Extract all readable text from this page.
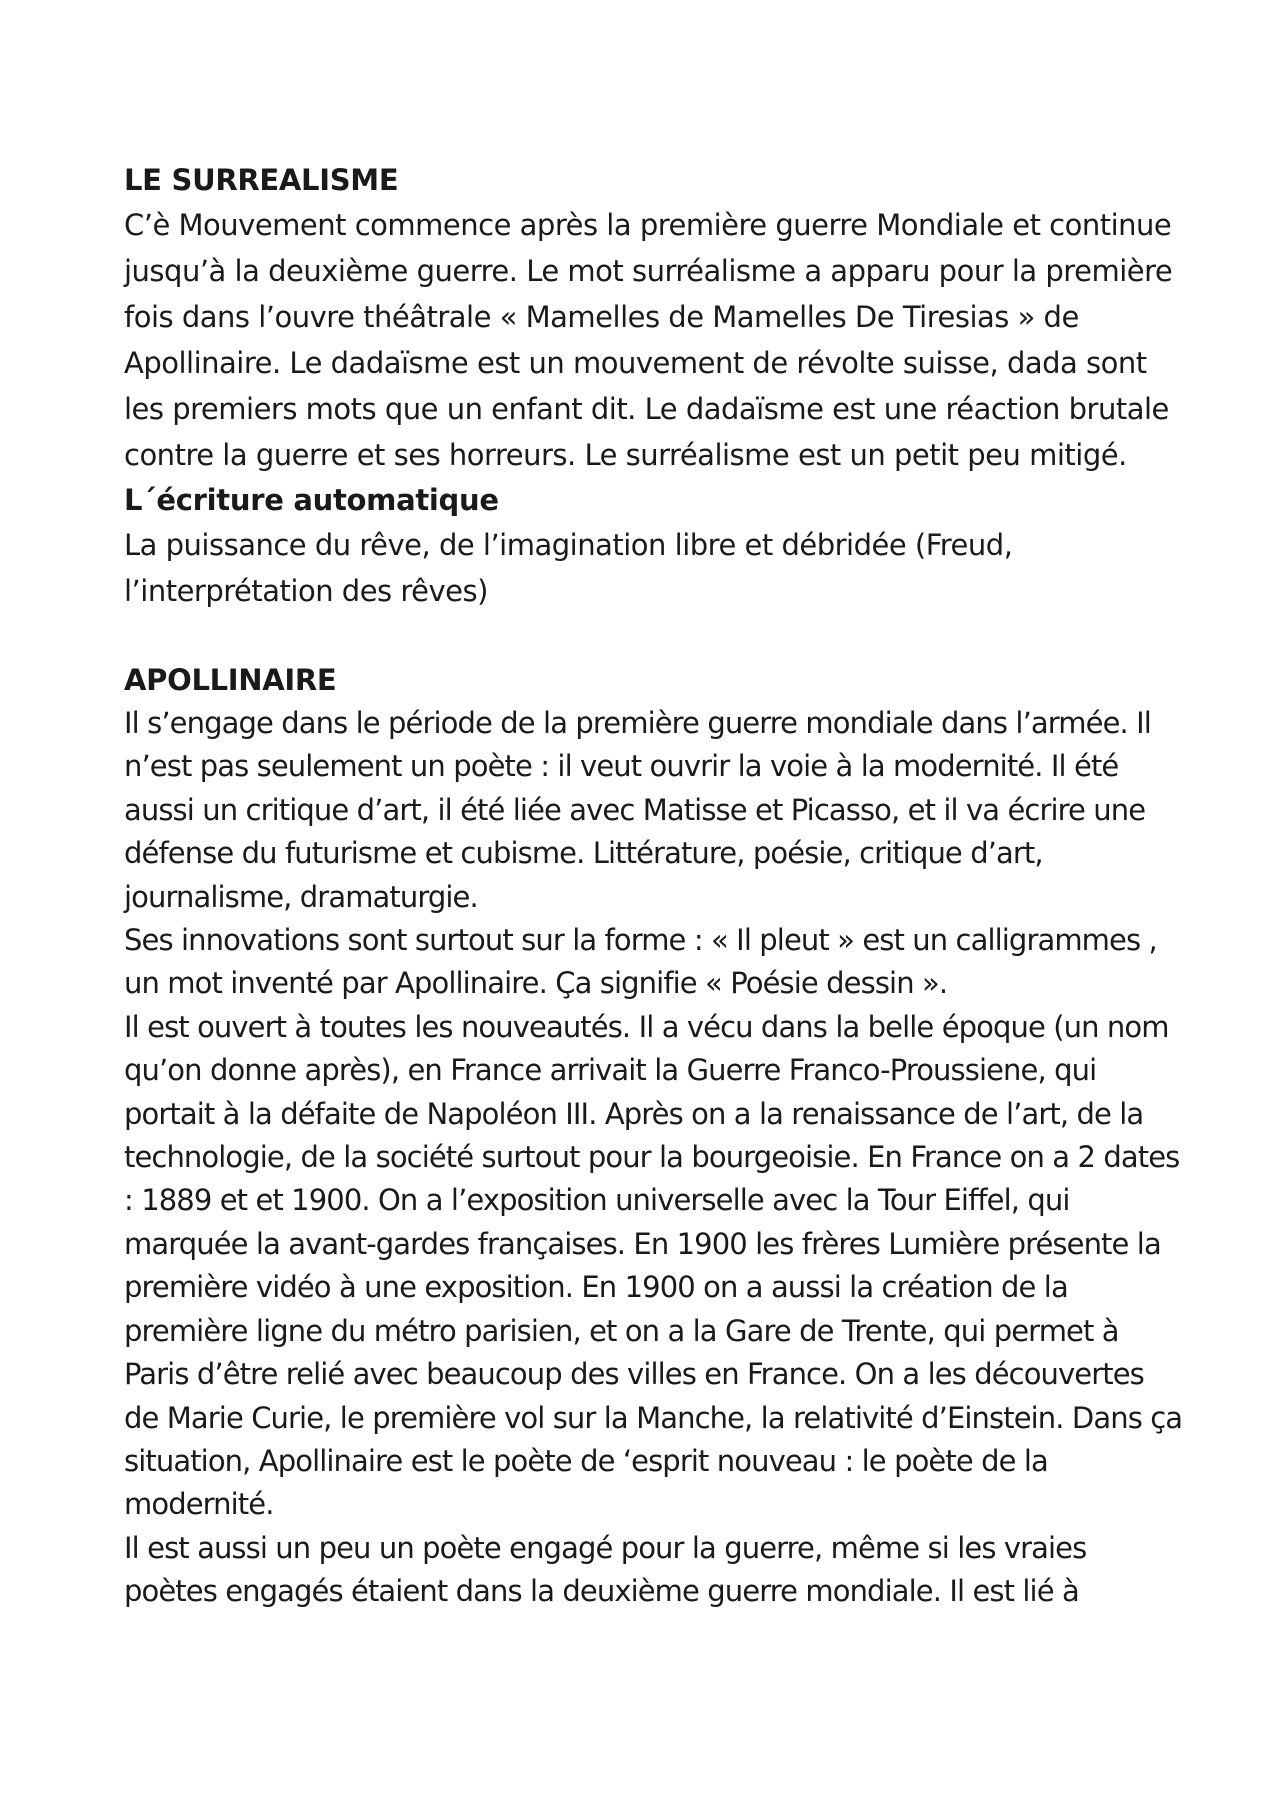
LE SURREALISME

C’è Mouvement commence après la première guerre Mondiale et continue jusqu’à la deuxième guerre. Le mot surréalisme a apparu pour la première fois dans l’ouvre théâtrale « Mamelles de Mamelles De Tiresias » de Apollinaire. Le dadaïsme est un mouvement de révolte suisse, dada sont les premiers mots que un enfant dit. Le dadaïsme est une réaction brutale contre la guerre et ses horreurs. Le surréalisme est un petit peu mitigé.

L´écriture automatique

La puissance du rêve, de l’imagination libre et débridée (Freud, l’interprétation des rêves)

APOLLINAIRE

Il s’engage dans le période de la première guerre mondiale dans l’armée. Il n’est pas seulement un poète : il veut ouvrir la voie à la modernité. Il été aussi un critique d’art, il été liée avec Matisse et Picasso, et il va écrire une défense du futurisme et cubisme. Littérature, poésie, critique d’art, journalisme, dramaturgie.

Ses innovations sont surtout sur la forme : « Il pleut » est un calligrammes , un mot inventé par Apollinaire. Ça signifie « Poésie dessin ».

Il est ouvert à toutes les nouveautés. Il a vécu dans la belle époque (un nom qu’on donne après), en France arrivait la Guerre Franco-Proussiene, qui portait à la défaite de Napoléon III. Après on a la renaissance de l’art, de la technologie, de la société surtout pour la bourgeoisie. En France on a 2 dates : 1889 et et 1900. On a l’exposition universelle avec la Tour Eiffel, qui marquée la avant-gardes françaises. En 1900 les frères Lumière présente la première vidéo à une exposition. En 1900 on a aussi la création de la première ligne du métro parisien, et on a la Gare de Trente, qui permet à Paris d’être relié avec beaucoup des villes en France. On a les découvertes de Marie Curie, le première vol sur la Manche, la relativité d’Einstein. Dans ça situation, Apollinaire est le poète de ‘esprit nouveau : le poète de la modernité.

Il est aussi un peu un poète engagé pour la guerre, même si les vraies poètes engagés étaient dans la deuxième guerre mondiale. Il est lié à
